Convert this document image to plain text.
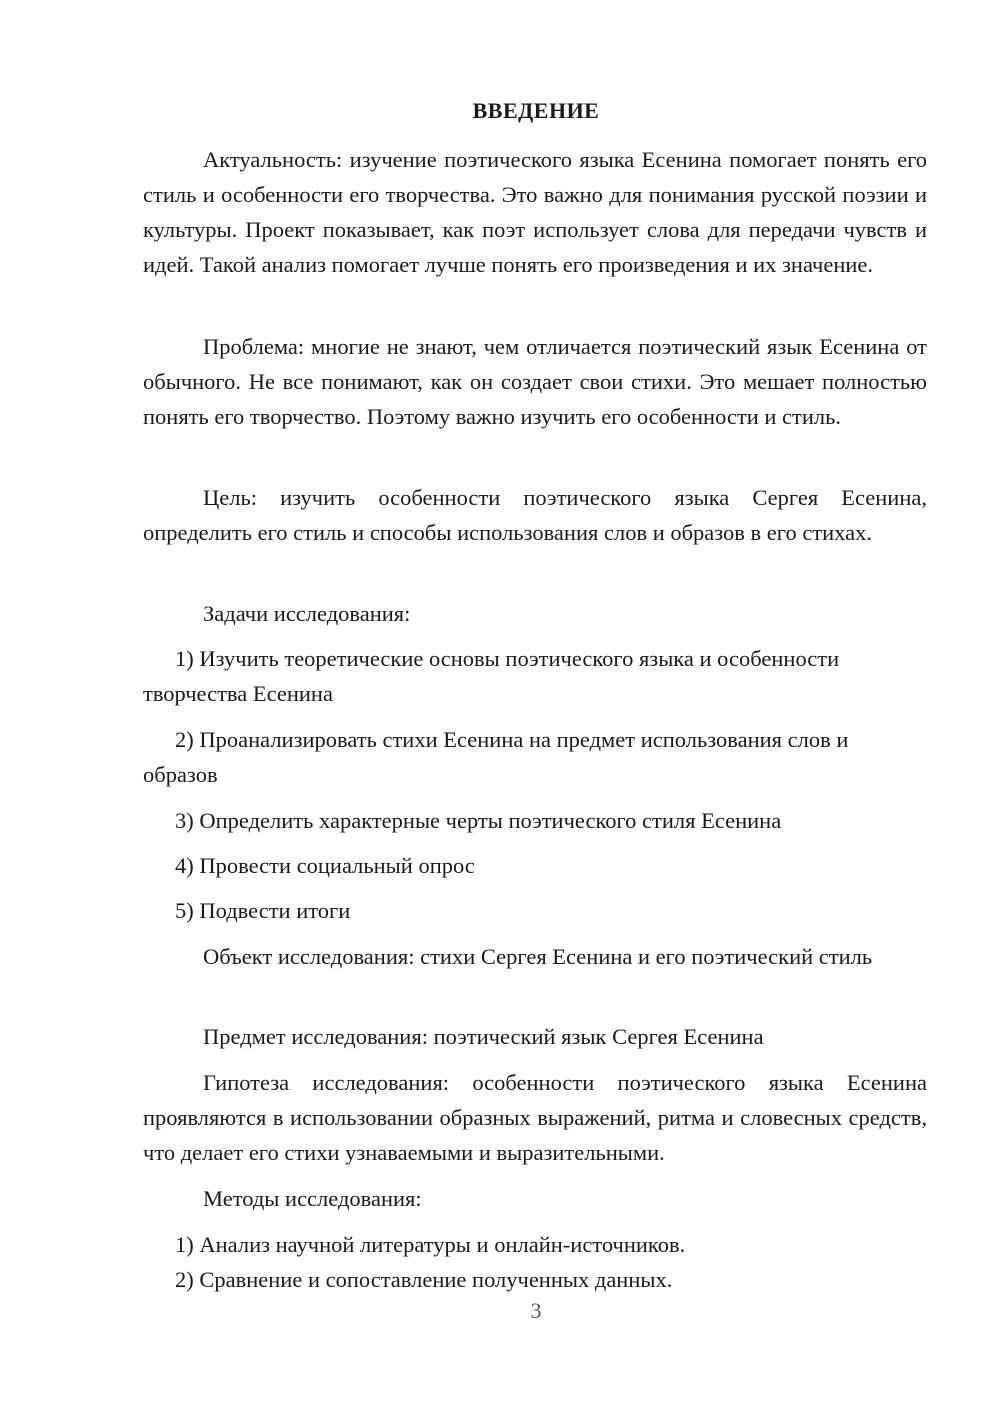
ВВЕДЕНИЕ

Актуальность: изучение поэтического языка Есенина помогает понять его стиль и особенности его творчества. Это важно для понимания русской поэзии и культуры. Проект показывает, как поэт использует слова для передачи чувств и идей. Такой анализ помогает лучше понять его произведения и их значение.

Проблема: многие не знают, чем отличается поэтический язык Есенина от обычного. Не все понимают, как он создает свои стихи. Это мешает полностью понять его творчество. Поэтому важно изучить его особенности и стиль.

Цель: изучить особенности поэтического языка Сергея Есенина, определить его стиль и способы использования слов и образов в его стихах.

Задачи исследования:

1) Изучить теоретические основы поэтического языка и особенности творчества Есенина

2) Проанализировать стихи Есенина на предмет использования слов и образов

3) Определить характерные черты поэтического стиля Есенина

4) Провести социальный опрос

5) Подвести итоги

Объект исследования: стихи Сергея Есенина и его поэтический стиль

Предмет исследования: поэтический язык Сергея Есенина

Гипотеза исследования: особенности поэтического языка Есенина проявляются в использовании образных выражений, ритма и словесных средств, что делает его стихи узнаваемыми и выразительными.

Методы исследования:

1) Анализ научной литературы и онлайн-источников.

2) Сравнение и сопоставление полученных данных.

3
